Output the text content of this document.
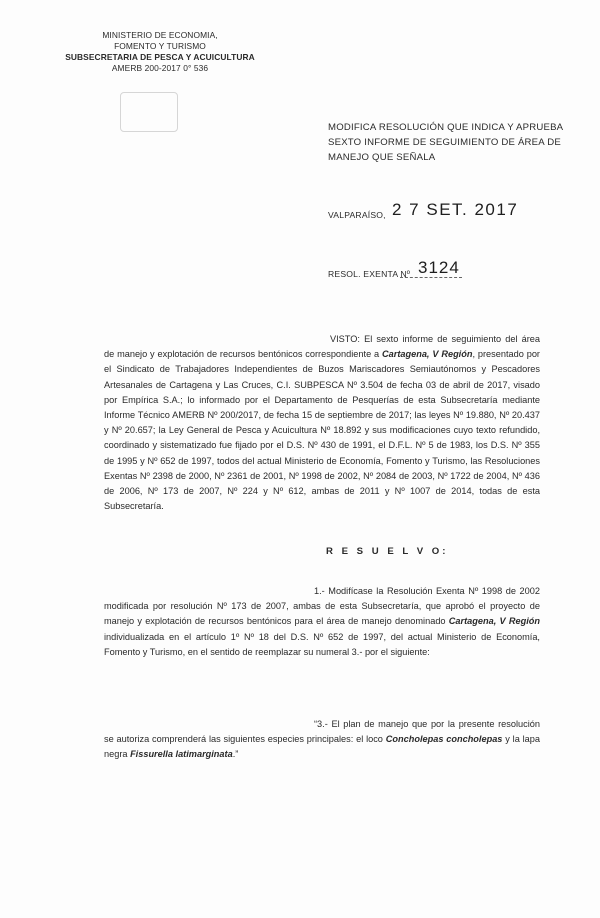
MINISTERIO DE ECONOMIA,
FOMENTO Y TURISMO
SUBSECRETARIA DE PESCA Y ACUICULTURA
AMERB 200-2017 0° 536
MODIFICA RESOLUCIÓN QUE INDICA Y APRUEBA SEXTO INFORME DE SEGUIMIENTO DE ÁREA DE MANEJO QUE SEÑALA
VALPARAÍSO, 2 7 SET. 2017
RESOL. EXENTA Nº 3124

VISTO: El sexto informe de seguimiento del área de manejo y explotación de recursos bentónicos correspondiente a Cartagena, V Región, presentado por el Sindicato de Trabajadores Independientes de Buzos Mariscadores Semiautónomos y Pescadores Artesanales de Cartagena y Las Cruces, C.I. SUBPESCA Nº 3.504 de fecha 03 de abril de 2017, visado por Empírica S.A.; lo informado por el Departamento de Pesquerías de esta Subsecretaría mediante Informe Técnico AMERB Nº 200/2017, de fecha 15 de septiembre de 2017; las leyes Nº 19.880, Nº 20.437 y Nº 20.657; la Ley General de Pesca y Acuicultura Nº 18.892 y sus modificaciones cuyo texto refundido, coordinado y sistematizado fue fijado por el D.S. Nº 430 de 1991, el D.F.L. Nº 5 de 1983, los D.S. Nº 355 de 1995 y Nº 652 de 1997, todos del actual Ministerio de Economía, Fomento y Turismo, las Resoluciones Exentas Nº 2398 de 2000, Nº 2361 de 2001, Nº 1998 de 2002, Nº 2084 de 2003, Nº 1722 de 2004, Nº 436 de 2006, Nº 173 de 2007, Nº 224 y Nº 612, ambas de 2011 y Nº 1007 de 2014, todas de esta Subsecretaría.

R E S U E L V O:

1.- Modifícase la Resolución Exenta Nº 1998 de 2002 modificada por resolución Nº 173 de 2007, ambas de esta Subsecretaría, que aprobó el proyecto de manejo y explotación de recursos bentónicos para el área de manejo denominado Cartagena, V Región individualizada en el artículo 1º Nº 18 del D.S. Nº 652 de 1997, del actual Ministerio de Economía, Fomento y Turismo, en el sentido de reemplazar su numeral 3.- por el siguiente:

“3.- El plan de manejo que por la presente resolución se autoriza comprenderá las siguientes especies principales: el loco Concholepas concholepas y la lapa negra Fissurella latimarginata.”
